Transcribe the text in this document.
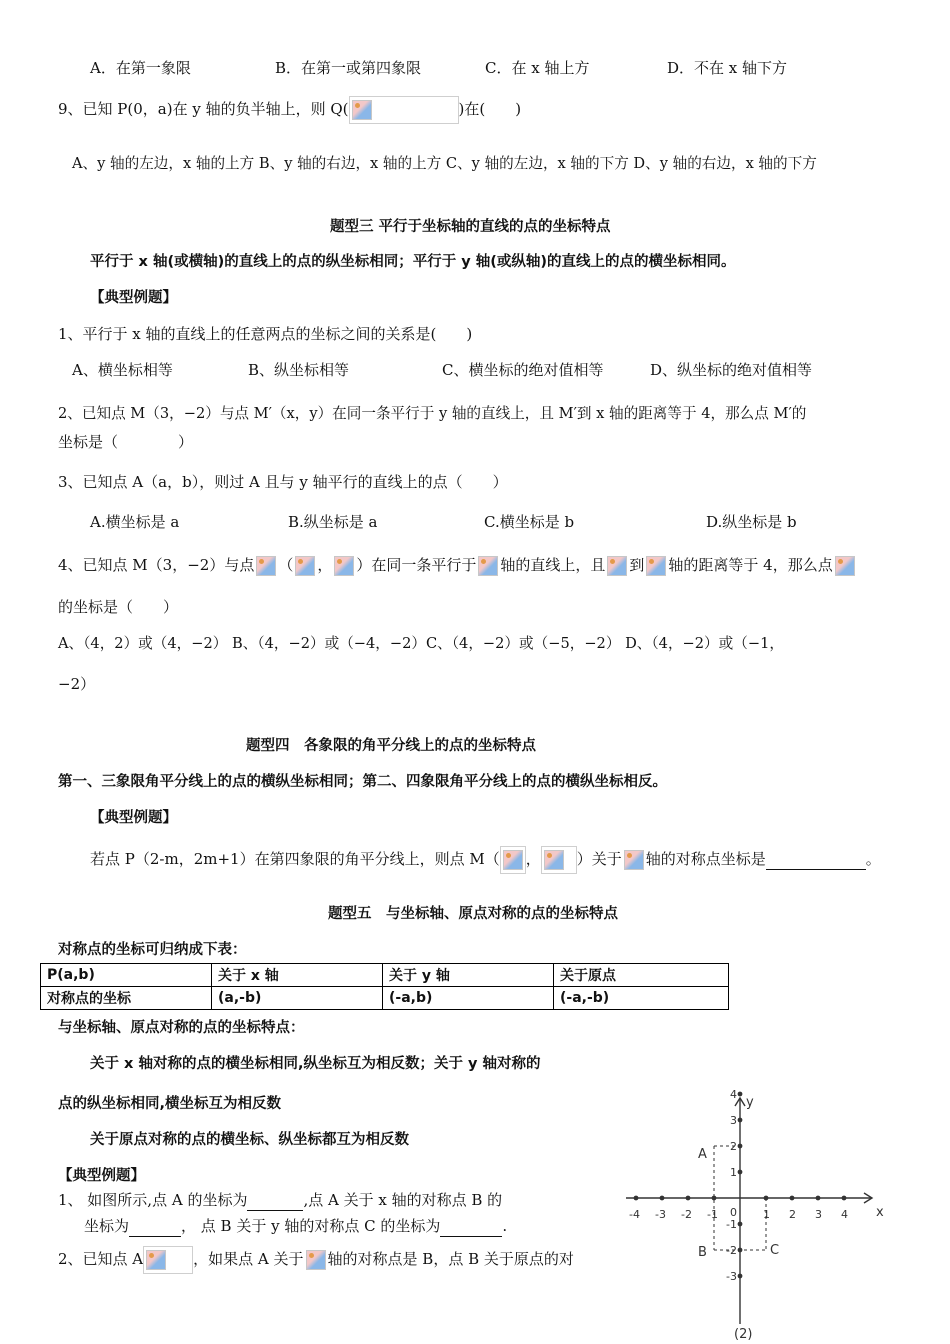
A．在第一象限	B．在第一或第四象限	C．在 x 轴上方	D．不在 x 轴下方
9、已知 P(0，a)在 y 轴的负半轴上，则 Q(	)在(　　)
A、y 轴的左边，x 轴的上方 B、y 轴的右边，x 轴的上方 C、y 轴的左边，x 轴的下方 D、y 轴的右边，x 轴的下方
题型三 平行于坐标轴的直线的点的坐标特点
平行于 x 轴(或横轴)的直线上的点的纵坐标相同；平行于 y 轴(或纵轴)的直线上的点的横坐标相同。
【典型例题】
1、平行于 x 轴的直线上的任意两点的坐标之间的关系是(　　)
A、横坐标相等	B、纵坐标相等	C、横坐标的绝对值相等	D、纵坐标的绝对值相等
2、已知点 M（3，−2）与点 M′（x，y）在同一条平行于 y 轴的直线上，且 M′到 x 轴的距离等于 4，那么点 M′的
坐标是（　　　　）
3、已知点 A（a，b），则过 A 且与 y 轴平行的直线上的点（　　）
A.横坐标是 a	B.纵坐标是 a	C.横坐标是 b	D.纵坐标是 b
4、已知点 M（3，−2）与点 （ ， ）在同一条平行于 轴的直线上，且 到 轴的距离等于 4，那么点
的坐标是（　　）
A、（4，2）或（4，−2） B、（4，−2）或（−4，−2）C、（4，−2）或（−5，−2） D、（4，−2）或（−1，
−2）
题型四　各象限的角平分线上的点的坐标特点
第一、三象限角平分线上的点的横纵坐标相同；第二、四象限角平分线上的点的横纵坐标相反。
【典型例题】
若点 P（2-m，2m+1）在第四象限的角平分线上，则点 M（ ， ）关于 轴的对称点坐标是	。
题型五　与坐标轴、原点对称的点的坐标特点
对称点的坐标可归纳成下表：
P(a,b)	关于 x 轴	关于 y 轴	关于原点
对称点的坐标	(a,-b)	(-a,b)	(-a,-b)
与坐标轴、原点对称的点的坐标特点：
关于 x 轴对称的点的横坐标相同,纵坐标互为相反数；关于 y 轴对称的
点的纵坐标相同,横坐标互为相反数
关于原点对称的点的横坐标、纵坐标都互为相反数
【典型例题】
1、 如图所示,点 A 的坐标为	,点 A 关于 x 轴的对称点 B 的
坐标为	， 点 B 关于 y 轴的对称点 C 的坐标为	.
2、已知点 A	，如果点 A 关于 轴的对称点是 B，点 B 关于原点的对
-4 -3 -2 -1 0 1 2 3 4
4
3
2
1
-1
-2
-3
x
y
A
B	C
(2)
